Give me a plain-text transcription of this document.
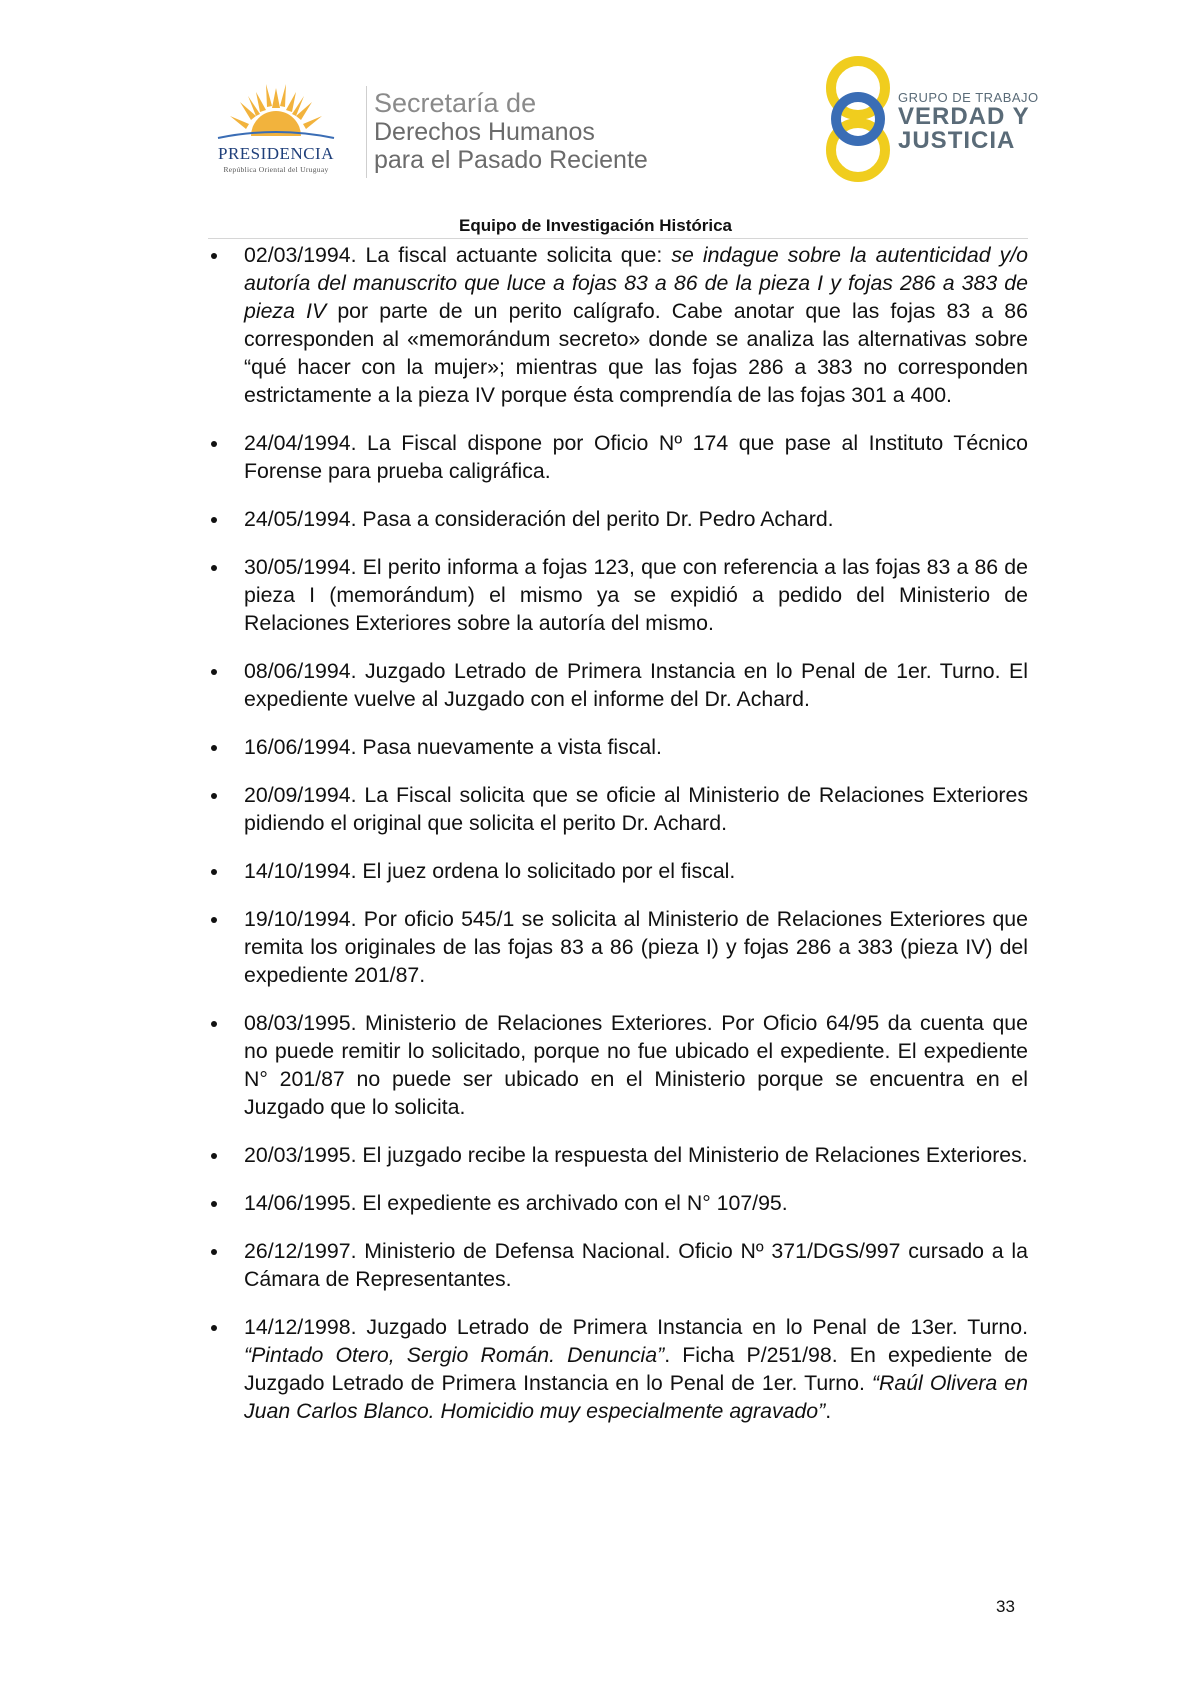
PRESIDENCIA
República Oriental del Uruguay
Secretaría de
Derechos Humanos
para el Pasado Reciente
GRUPO DE TRABAJO
VERDAD Y
JUSTICIA
Equipo de Investigación Histórica
02/03/1994. La fiscal actuante solicita que: se indague sobre la autenticidad y/o autoría del manuscrito que luce a fojas 83 a 86 de la pieza I y fojas 286 a 383 de pieza IV por parte de un perito calígrafo. Cabe anotar que las fojas 83 a 86 corresponden al «memorándum secreto» donde se analiza las alternativas sobre “qué hacer con la mujer»; mientras que las fojas 286 a 383 no corresponden estrictamente a la pieza IV porque ésta comprendía de las fojas 301 a 400.
24/04/1994. La Fiscal dispone por Oficio Nº 174 que pase al Instituto Técnico Forense para prueba caligráfica.
24/05/1994. Pasa a consideración del perito Dr. Pedro Achard.
30/05/1994. El perito informa a fojas 123, que con referencia a las fojas 83 a 86 de pieza I (memorándum) el mismo ya se expidió a pedido del Ministerio de Relaciones Exteriores sobre la autoría del mismo.
08/06/1994. Juzgado Letrado de Primera Instancia en lo Penal de 1er. Turno. El expediente vuelve al Juzgado con el informe del Dr. Achard.
16/06/1994. Pasa nuevamente a vista fiscal.
20/09/1994. La Fiscal solicita que se oficie al Ministerio de Relaciones Exteriores pidiendo el original que solicita el perito Dr. Achard.
14/10/1994. El juez ordena lo solicitado por el fiscal.
19/10/1994. Por oficio 545/1 se solicita al Ministerio de Relaciones Exteriores que remita los originales de las fojas 83 a 86 (pieza I) y fojas 286 a 383 (pieza IV) del expediente 201/87.
08/03/1995. Ministerio de Relaciones Exteriores. Por Oficio 64/95 da cuenta que no puede remitir lo solicitado, porque no fue ubicado el expediente. El expediente N° 201/87 no puede ser ubicado en el Ministerio porque se encuentra en el Juzgado que lo solicita.
20/03/1995. El juzgado recibe la respuesta del Ministerio de Relaciones Exteriores.
14/06/1995. El expediente es archivado con el N° 107/95.
26/12/1997. Ministerio de Defensa Nacional. Oficio Nº 371/DGS/997 cursado a la Cámara de Representantes.
14/12/1998. Juzgado Letrado de Primera Instancia en lo Penal de 13er. Turno. “Pintado Otero, Sergio Román. Denuncia”. Ficha P/251/98. En expediente de Juzgado Letrado de Primera Instancia en lo Penal de 1er. Turno. “Raúl Olivera en Juan Carlos Blanco. Homicidio muy especialmente agravado”.
33
